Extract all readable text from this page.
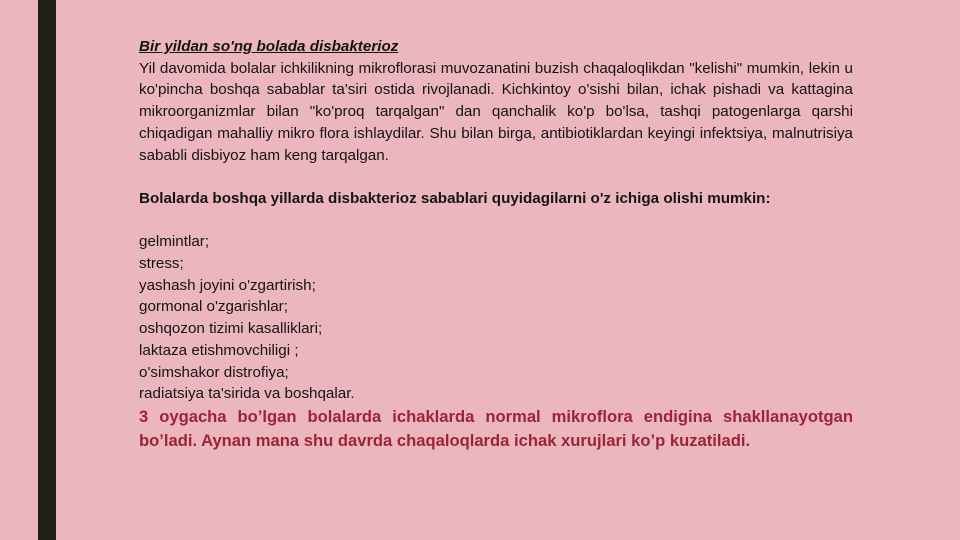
Bir yildan so'ng bolada disbakterioz

Yil davomida bolalar ichkilikning mikroflorasi muvozanatini buzish chaqaloqlikdan "kelishi" mumkin, lekin u ko'pincha boshqa sabablar ta'siri ostida rivojlanadi. Kichkintoy o'sishi bilan, ichak pishadi va kattagina mikroorganizmlar bilan "ko'proq tarqalgan" dan qanchalik ko'p bo'lsa, tashqi patogenlarga qarshi chiqadigan mahalliy mikro flora ishlaydilar. Shu bilan birga, antibiotiklardan keyingi infektsiya, malnutrisiya sababli disbiyoz ham keng tarqalgan.

Bolalarda boshqa yillarda disbakterioz sabablari quyidagilarni o'z ichiga olishi mumkin:

gelmintlar;
stress;
yashash joyini o'zgartirish;
gormonal o'zgarishlar;
oshqozon tizimi kasalliklari;
laktaza etishmovchiligi ;
o'simshakor distrofiya;
radiatsiya ta'sirida va boshqalar.

3 oygacha bo’lgan bolalarda ichaklarda normal mikroflora endigina shakllanayotgan bo’ladi. Aynan mana shu davrda chaqaloqlarda ichak xurujlari ko’p kuzatiladi.
